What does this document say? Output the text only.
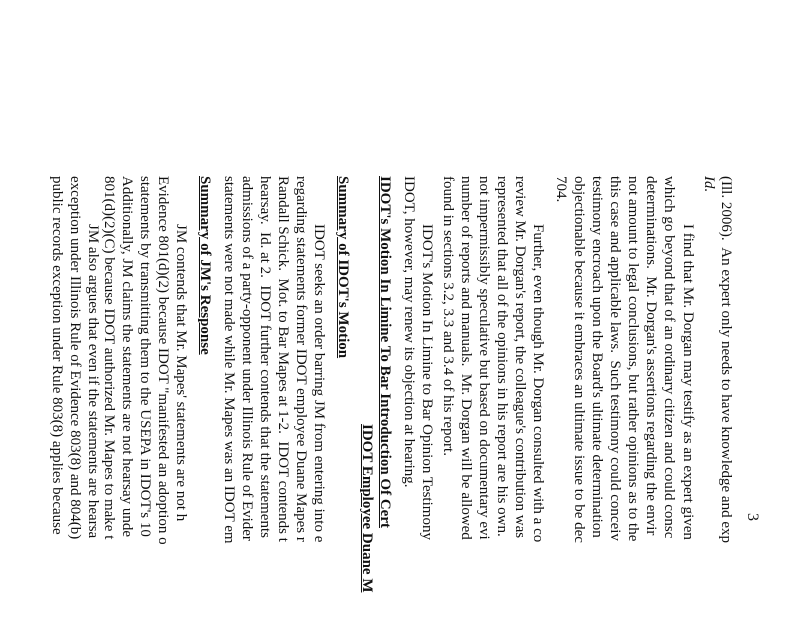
3
(Ill. 2006).  An expert only needs to have knowledge and exp
Id.
I find that Mr. Dorgan may testify as an expert given
which go beyond that of an ordinary citizen and could consc
determinations.  Mr. Dorgan's assertions regarding the envir
not amount to legal conclusions, but rather opinions as to the
this case and applicable laws.  Such testimony could conceiv
testimony encroach upon the Board's ultimate determination
objectionable because it embraces an ultimate issue to be dec
704.
Further, even though Mr. Dorgan consulted with a co
review Mr. Dorgan's report, the colleague's contribution was
represented that all of the opinions in his report are his own.
not impermissibly speculative but based on documentary evi
number of reports and manuals.  Mr. Dorgan will be allowed
found in sections 3.2, 3.3 and 3.4 of his report.
IDOT's Motion In Limine to Bar Opinion Testimony
IDOT, however, may renew its objection at hearing.
IDOT's Motion In Limine To Bar Introduction Of Cert
IDOT Employee Duane M
Summary of IDOT's Motion
IDOT seeks an order barring JM from entering into e
regarding statements former IDOT employee Duane Mapes r
Randall Schick.  Mot. to Bar Mapes at 1-2.  IDOT contends t
hearsay.  Id. at 2.  IDOT further contends that the statements
admissions of a party-opponent under Illinois Rule of Evider
statements were not made while Mr. Mapes was an IDOT em
Summary of JM's Response
JM contends that Mr. Mapes' statements are not h
Evidence 801(d)(2) because IDOT "manifested an adoption o
statements by transmitting them to the USEPA in IDOT's 10
Additionally, JM claims the statements are not hearsay unde
801(d)(2)(C) because IDOT authorized Mr. Mapes to make t
JM also argues that even if the statements are hearsa
exception under Illinois Rule of Evidence 803(8) and 804(b)
public records exception under Rule 803(8) applies because
